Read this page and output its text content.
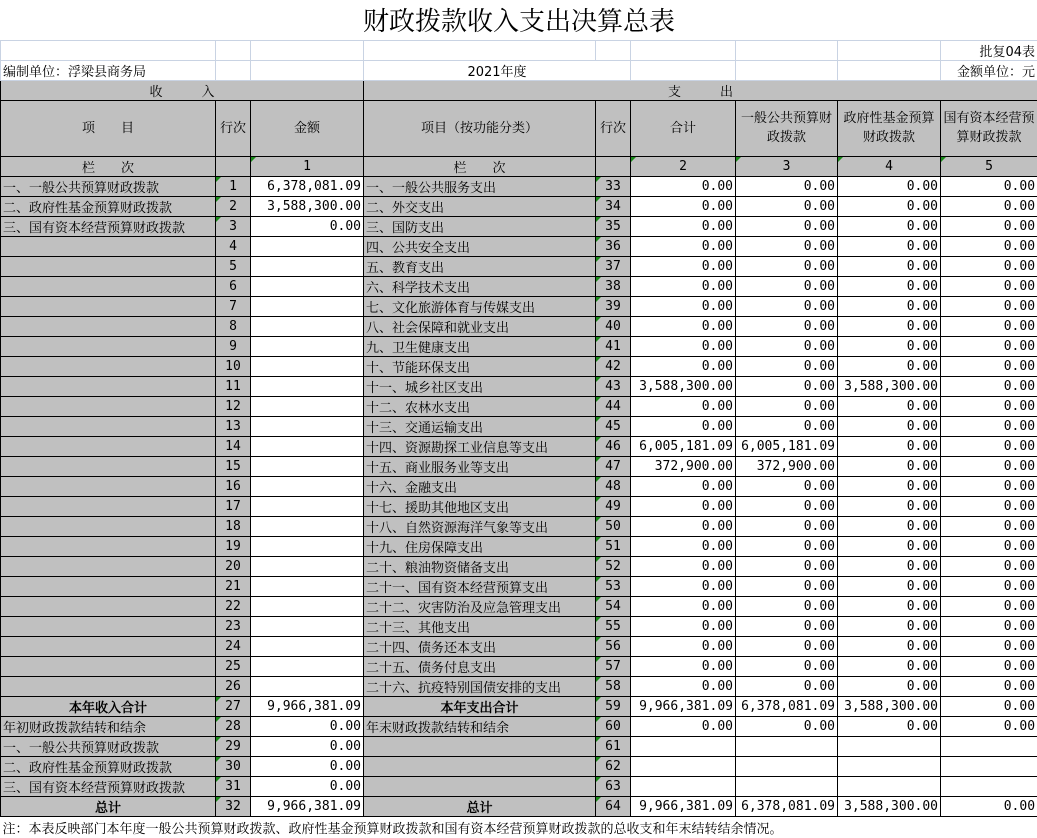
财政拨款收入支出决算总表								
								批复04表
编制单位：浮梁县商务局			2021年度					金额单位：元
收　　　入			支　　　出					
项　　目	行次	金额	项目（按功能分类）	行次	合计	一般公共预算财政拨款	政府性基金预算财政拨款	国有资本经营预算财政拨款
栏　　次		1	栏　　次		2	3	4	5
一、一般公共预算财政拨款	1	6,378,081.09	一、一般公共服务支出	33	0.00	0.00	0.00	0.00
二、政府性基金预算财政拨款	2	3,588,300.00	二、外交支出	34	0.00	0.00	0.00	0.00
三、国有资本经营预算财政拨款	3	0.00	三、国防支出	35	0.00	0.00	0.00	0.00
	4		四、公共安全支出	36	0.00	0.00	0.00	0.00
	5		五、教育支出	37	0.00	0.00	0.00	0.00
	6		六、科学技术支出	38	0.00	0.00	0.00	0.00
	7		七、文化旅游体育与传媒支出	39	0.00	0.00	0.00	0.00
	8		八、社会保障和就业支出	40	0.00	0.00	0.00	0.00
	9		九、卫生健康支出	41	0.00	0.00	0.00	0.00
	10		十、节能环保支出	42	0.00	0.00	0.00	0.00
	11		十一、城乡社区支出	43	3,588,300.00	0.00	3,588,300.00	0.00
	12		十二、农林水支出	44	0.00	0.00	0.00	0.00
	13		十三、交通运输支出	45	0.00	0.00	0.00	0.00
	14		十四、资源勘探工业信息等支出	46	6,005,181.09	6,005,181.09	0.00	0.00
	15		十五、商业服务业等支出	47	372,900.00	372,900.00	0.00	0.00
	16		十六、金融支出	48	0.00	0.00	0.00	0.00
	17		十七、援助其他地区支出	49	0.00	0.00	0.00	0.00
	18		十八、自然资源海洋气象等支出	50	0.00	0.00	0.00	0.00
	19		十九、住房保障支出	51	0.00	0.00	0.00	0.00
	20		二十、粮油物资储备支出	52	0.00	0.00	0.00	0.00
	21		二十一、国有资本经营预算支出	53	0.00	0.00	0.00	0.00
	22		二十二、灾害防治及应急管理支出	54	0.00	0.00	0.00	0.00
	23		二十三、其他支出	55	0.00	0.00	0.00	0.00
	24		二十四、债务还本支出	56	0.00	0.00	0.00	0.00
	25		二十五、债务付息支出	57	0.00	0.00	0.00	0.00
	26		二十六、抗疫特别国债安排的支出	58	0.00	0.00	0.00	0.00
本年收入合计	27	9,966,381.09	本年支出合计	59	9,966,381.09	6,378,081.09	3,588,300.00	0.00
年初财政拨款结转和结余	28	0.00	年末财政拨款结转和结余	60	0.00	0.00	0.00	0.00
一、一般公共预算财政拨款	29	0.00		61				
二、政府性基金预算财政拨款	30	0.00		62				
三、国有资本经营预算财政拨款	31	0.00		63				
总计	32	9,966,381.09	总计	64	9,966,381.09	6,378,081.09	3,588,300.00	0.00
注：本表反映部门本年度一般公共预算财政拨款、政府性基金预算财政拨款和国有资本经营预算财政拨款的总收支和年末结转结余情况。								
